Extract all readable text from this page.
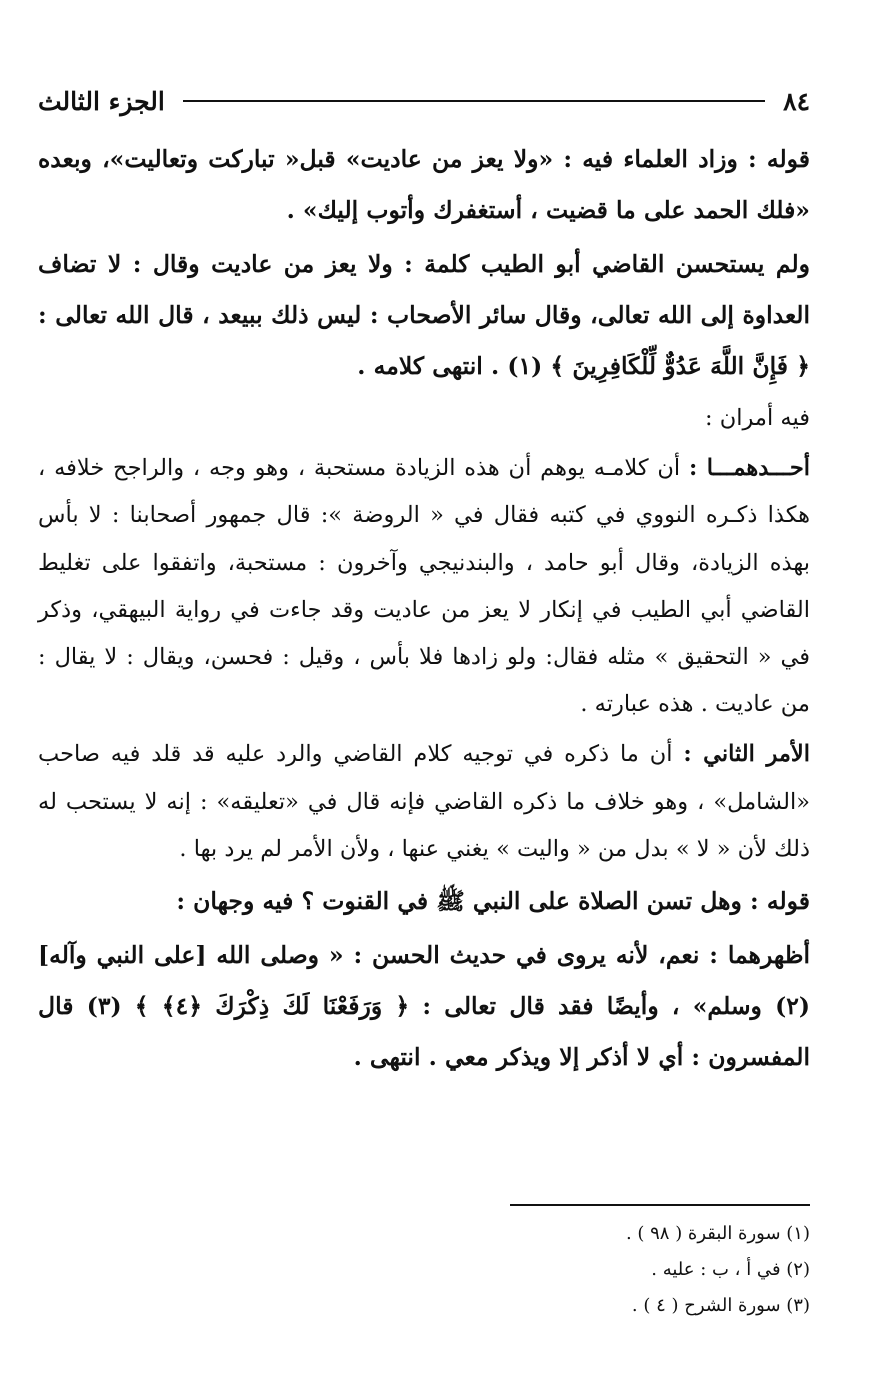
٨٤
الجزء الثالث

قوله : وزاد العلماء فيه : «ولا يعز من عاديت» قبل« تباركت وتعاليت»، وبعده «فلك الحمد على ما قضيت ، أستغفرك وأتوب إليك» .

ولم يستحسن القاضي أبو الطيب كلمة : ولا يعز من عاديت وقال : لا تضاف العداوة إلى الله تعالى، وقال سائر الأصحاب : ليس ذلك ببيعد ، قال الله تعالى : ﴿ فَإِنَّ اللَّهَ عَدُوٌّ لِّلْكَافِرِينَ ﴾ (١) . انتهى كلامه .

فيه أمران :

أحـــدهمـــا : أن كلامـه يوهم أن هذه الزيادة مستحبة ، وهو وجه ، والراجح خلافه ، هكذا ذكـره النووي في كتبه فقال في « الروضة »: قال جمهور أصحابنا : لا بأس بهذه الزيادة، وقال أبو حامد ، والبندنيجي وآخرون : مستحبة، واتفقوا على تغليط القاضي أبي الطيب في إنكار لا يعز من عاديت وقد جاءت في رواية البيهقي، وذكر في « التحقيق » مثله فقال: ولو زادها فلا بأس ، وقيل : فحسن، ويقال : لا يقال : من عاديت . هذه عبارته .

الأمر الثاني : أن ما ذكره في توجيه كلام القاضي والرد عليه قد قلد فيه صاحب «الشامل» ، وهو خلاف ما ذكره القاضي فإنه قال في «تعليقه» : إنه لا يستحب له ذلك لأن « لا » بدل من « واليت » يغني عنها ، ولأن الأمر لم يرد بها .

قوله : وهل تسن الصلاة على النبي ﷺ في القنوت ؟ فيه وجهان :

أظهرهما : نعم، لأنه يروى في حديث الحسن : « وصلى الله [على النبي وآله] (٢) وسلم» ، وأيضًا فقد قال تعالى : ﴿ وَرَفَعْنَا لَكَ ذِكْرَكَ ﴿٤﴾ ﴾ (٣) قال المفسرون : أي لا أذكر إلا ويذكر معي . انتهى .

(١) سورة البقرة ( ٩٨ ) .

(٢) في أ ، ب : عليه .

(٣) سورة الشرح ( ٤ ) .
